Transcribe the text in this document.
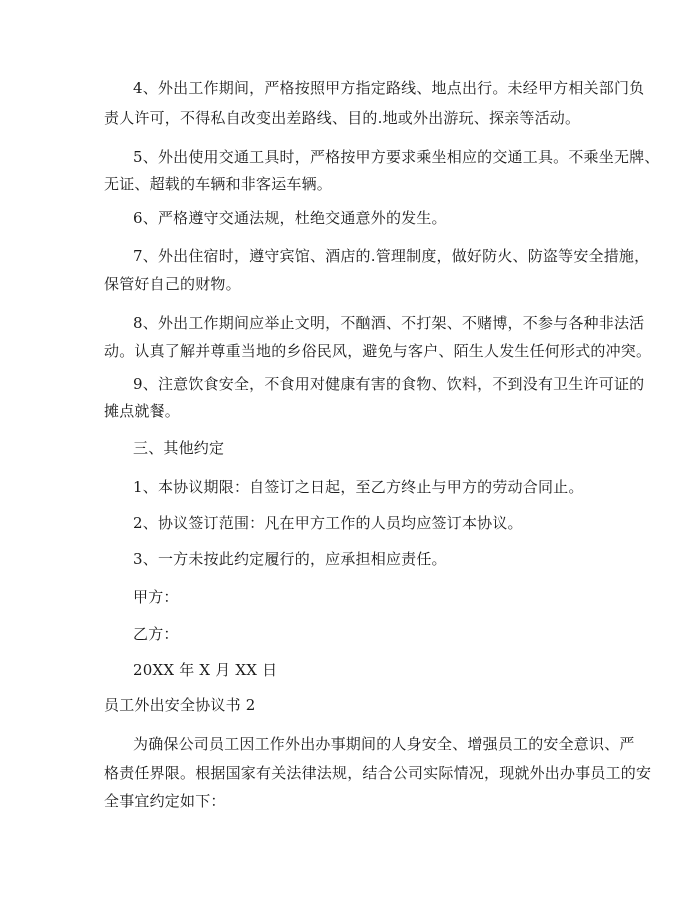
4、外出工作期间，严格按照甲方指定路线、地点出行。未经甲方相关部门负
责人许可，不得私自改变出差路线、目的.地或外出游玩、探亲等活动。
5、外出使用交通工具时，严格按甲方要求乘坐相应的交通工具。不乘坐无牌、
无证、超载的车辆和非客运车辆。
6、严格遵守交通法规，杜绝交通意外的发生。
7、外出住宿时，遵守宾馆、酒店的.管理制度，做好防火、防盗等安全措施，
保管好自己的财物。
8、外出工作期间应举止文明，不酗酒、不打架、不赌博，不参与各种非法活
动。认真了解并尊重当地的乡俗民风，避免与客户、陌生人发生任何形式的冲突。
9、注意饮食安全，不食用对健康有害的食物、饮料，不到没有卫生许可证的
摊点就餐。
三、其他约定
1、本协议期限：自签订之日起，至乙方终止与甲方的劳动合同止。
2、协议签订范围：凡在甲方工作的人员均应签订本协议。
3、一方未按此约定履行的，应承担相应责任。
甲方：
乙方：
20XX 年 X 月 XX 日
员工外出安全协议书 2
为确保公司员工因工作外出办事期间的人身安全、增强员工的安全意识、严
格责任界限。根据国家有关法律法规，结合公司实际情况，现就外出办事员工的安
全事宜约定如下：
